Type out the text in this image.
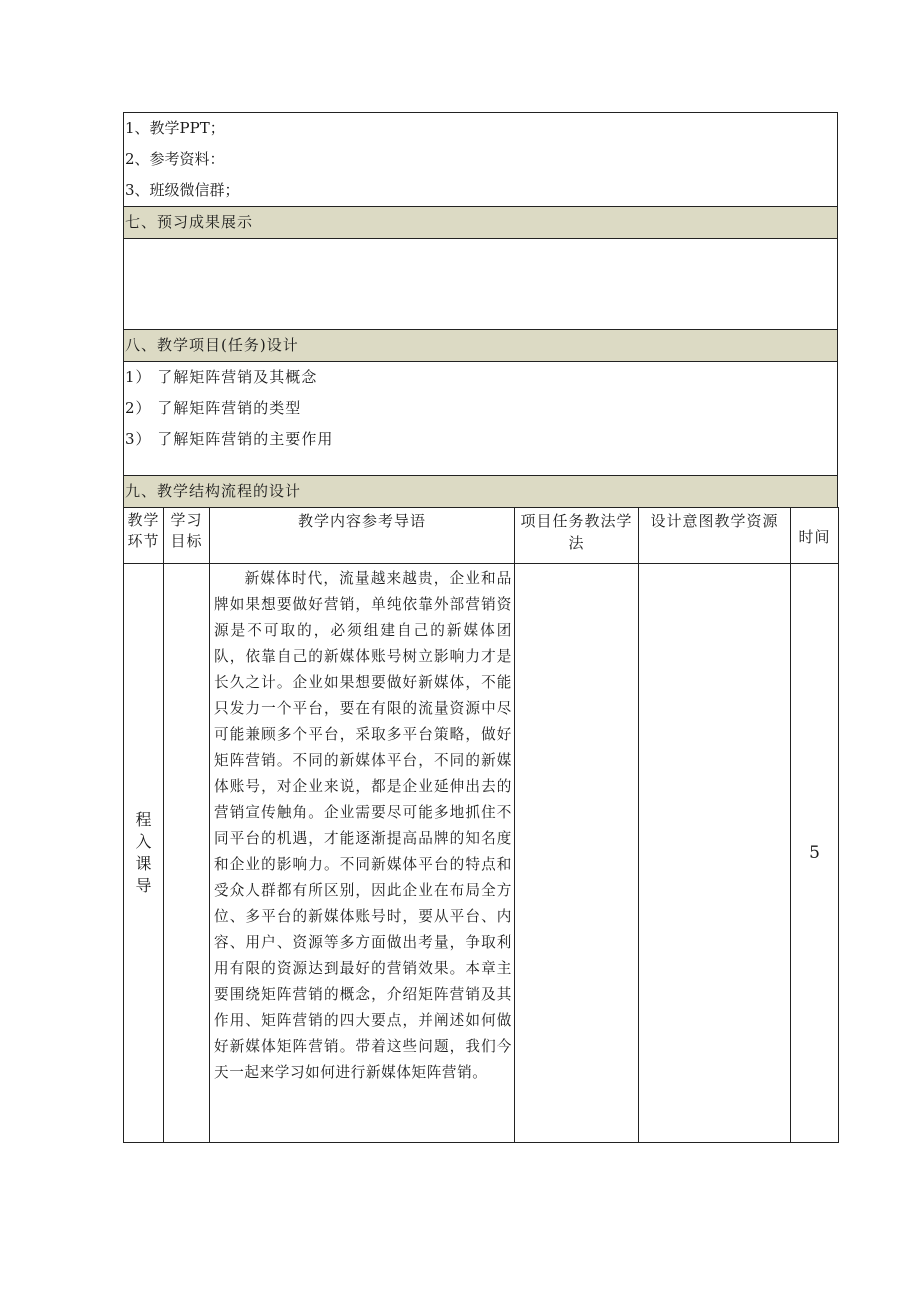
1、教学PPT；
2、参考资料：
3、班级微信群；
七、预习成果展示
八、教学项目(任务)设计
1） 了解矩阵营销及其概念
2） 了解矩阵营销的类型
3） 了解矩阵营销的主要作用
九、教学结构流程的设计
教学环节	学习目标	教学内容参考导语	项目任务教法学法	设计意图教学资源	时间
程入课导		新媒体时代，流量越来越贵，企业和品牌如果想要做好营销，单纯依靠外部营销资源是不可取的，必须组建自己的新媒体团队，依靠自己的新媒体账号树立影响力才是长久之计。企业如果想要做好新媒体，不能只发力一个平台，要在有限的流量资源中尽可能兼顾多个平台，采取多平台策略，做好矩阵营销。不同的新媒体平台，不同的新媒体账号，对企业来说，都是企业延伸出去的营销宣传触角。企业需要尽可能多地抓住不同平台的机遇，才能逐渐提高品牌的知名度和企业的影响力。不同新媒体平台的特点和受众人群都有所区别，因此企业在布局全方位、多平台的新媒体账号时，要从平台、内容、用户、资源等多方面做出考量，争取利用有限的资源达到最好的营销效果。本章主要围绕矩阵营销的概念，介绍矩阵营销及其作用、矩阵营销的四大要点，并阐述如何做好新媒体矩阵营销。带着这些问题，我们今天一起来学习如何进行新媒体矩阵营销。			5
